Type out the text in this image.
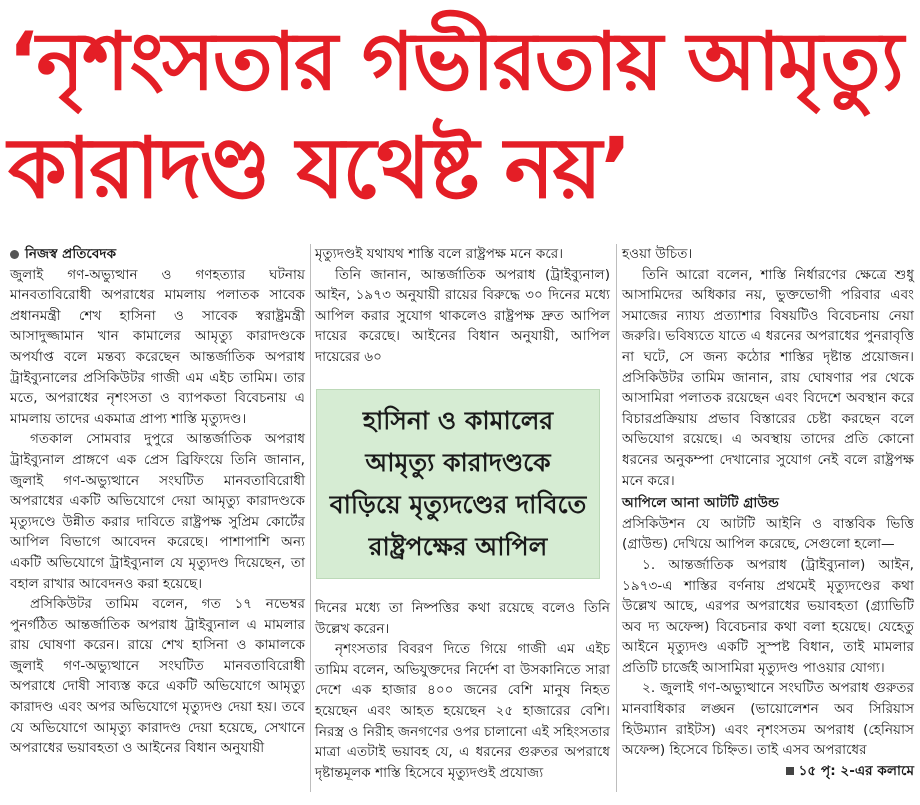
‘নৃশংসতার গভীরতায় আমৃত্যু
কারাদণ্ড যথেষ্ট নয়’

নিজস্ব প্রতিবেদক

জুলাই গণ-অভ্যুত্থান ও গণহত্যার ঘটনায় মানবতাবিরোধী অপরাধের মামলায় পলাতক সাবেক প্রধানমন্ত্রী শেখ হাসিনা ও সাবেক স্বরাষ্ট্রমন্ত্রী আসাদুজ্জামান খান কামালের আমৃত্যু কারাদণ্ডকে অপর্যাপ্ত বলে মন্তব্য করেছেন আন্তর্জাতিক অপরাধ ট্রাইব্যুনালের প্রসিকিউটর গাজী এম এইচ তামিম। তার মতে, অপরাধের নৃশংসতা ও ব্যাপকতা বিবেচনায় এ মামলায় তাদের একমাত্র প্রাপ্য শাস্তি মৃত্যুদণ্ড।

গতকাল সোমবার দুপুরে আন্তর্জাতিক অপরাধ ট্রাইব্যুনাল প্রাঙ্গণে এক প্রেস ব্রিফিংয়ে তিনি জানান, জুলাই গণ-অভ্যুত্থানে সংঘটিত মানবতাবিরোধী অপরাধের একটি অভিযোগে দেয়া আমৃত্যু কারাদণ্ডকে মৃত্যুদণ্ডে উন্নীত করার দাবিতে রাষ্ট্রপক্ষ সুপ্রিম কোর্টের আপিল বিভাগে আবেদন করেছে। পাশাপাশি অন্য একটি অভিযোগে ট্রাইব্যুনাল যে মৃত্যুদণ্ড দিয়েছেন, তা বহাল রাখার আবেদনও করা হয়েছে।

প্রসিকিউটর তামিম বলেন, গত ১৭ নভেম্বর পুনর্গঠিত আন্তর্জাতিক অপরাধ ট্রাইব্যুনাল এ মামলার রায় ঘোষণা করেন। রায়ে শেখ হাসিনা ও কামালকে জুলাই গণ-অভ্যুত্থানে সংঘটিত মানবতাবিরোধী অপরাধে দোষী সাব্যস্ত করে একটি অভিযোগে আমৃত্যু কারাদণ্ড এবং অপর অভিযোগে মৃত্যুদণ্ড দেয়া হয়। তবে যে অভিযোগে আমৃত্যু কারাদণ্ড দেয়া হয়েছে, সেখানে অপরাধের ভয়াবহতা ও আইনের বিধান অনুযায়ী

মৃত্যুদণ্ডই যথাযথ শাস্তি বলে রাষ্ট্রপক্ষ মনে করে।

তিনি জানান, আন্তর্জাতিক অপরাধ (ট্রাইব্যুনাল) আইন, ১৯৭৩ অনুযায়ী রায়ের বিরুদ্ধে ৩০ দিনের মধ্যে আপিল করার সুযোগ থাকলেও রাষ্ট্রপক্ষ দ্রুত আপিল দায়ের করেছে। আইনের বিধান অনুযায়ী, আপিল দায়েরের ৬০

হাসিনা ও কামালের
আমৃত্যু কারাদণ্ডকে
বাড়িয়ে মৃত্যুদণ্ডের দাবিতে
রাষ্ট্রপক্ষের আপিল

দিনের মধ্যে তা নিষ্পত্তির কথা রয়েছে বলেও তিনি উল্লেখ করেন।

নৃশংসতার বিবরণ দিতে গিয়ে গাজী এম এইচ তামিম বলেন, অভিযুক্তদের নির্দেশ বা উসকানিতে সারা দেশে এক হাজার ৪০০ জনের বেশি মানুষ নিহত হয়েছেন এবং আহত হয়েছেন ২৫ হাজারের বেশি। নিরস্ত্র ও নিরীহ জনগণের ওপর চালানো এই সহিংসতার মাত্রা এতটাই ভয়াবহ যে, এ ধরনের গুরুতর অপরাধে দৃষ্টান্তমূলক শাস্তি হিসেবে মৃত্যুদণ্ডই প্রযোজ্য

হওয়া উচিত।

তিনি আরো বলেন, শাস্তি নির্ধারণের ক্ষেত্রে শুধু আসামিদের অধিকার নয়, ভুক্তভোগী পরিবার এবং সমাজের ন্যায্য প্রত্যাশার বিষয়টিও বিবেচনায় নেয়া জরুরি। ভবিষ্যতে যাতে এ ধরনের অপরাধের পুনরাবৃত্তি না ঘটে, সে জন্য কঠোর শাস্তির দৃষ্টান্ত প্রয়োজন। প্রসিকিউটর তামিম জানান, রায় ঘোষণার পর থেকে আসামিরা পলাতক রয়েছেন এবং বিদেশে অবস্থান করে বিচারপ্রক্রিয়ায় প্রভাব বিস্তারের চেষ্টা করছেন বলে অভিযোগ রয়েছে। এ অবস্থায় তাদের প্রতি কোনো ধরনের অনুকম্পা দেখানোর সুযোগ নেই বলে রাষ্ট্রপক্ষ মনে করে।

আপিলে আনা আটটি গ্রাউন্ড

প্রসিকিউশন যে আটটি আইনি ও বাস্তবিক ভিত্তি (গ্রাউন্ড) দেখিয়ে আপিল করেছে, সেগুলো হলো—

১. আন্তর্জাতিক অপরাধ (ট্রাইব্যুনাল) আইন, ১৯৭৩-এ শাস্তির বর্ণনায় প্রথমেই মৃত্যুদণ্ডের কথা উল্লেখ আছে, এরপর অপরাধের ভয়াবহতা (গ্র্যাভিটি অব দ্য অফেন্স) বিবেচনার কথা বলা হয়েছে। যেহেতু আইনে মৃত্যুদণ্ড একটি সুস্পষ্ট বিধান, তাই মামলার প্রতিটি চার্জেই আসামিরা মৃত্যুদণ্ড পাওয়ার যোগ্য।

২. জুলাই গণ-অভ্যুত্থানে সংঘটিত অপরাধ গুরুতর মানবাধিকার লঙ্ঘন (ভায়োলেশন অব সিরিয়াস হিউম্যান রাইটস) এবং নৃশংসতম অপরাধ (হেনিয়াস অফেন্স) হিসেবে চিহ্নিত। তাই এসব অপরাধের

১৫ পৃ: ২-এর কলামে
